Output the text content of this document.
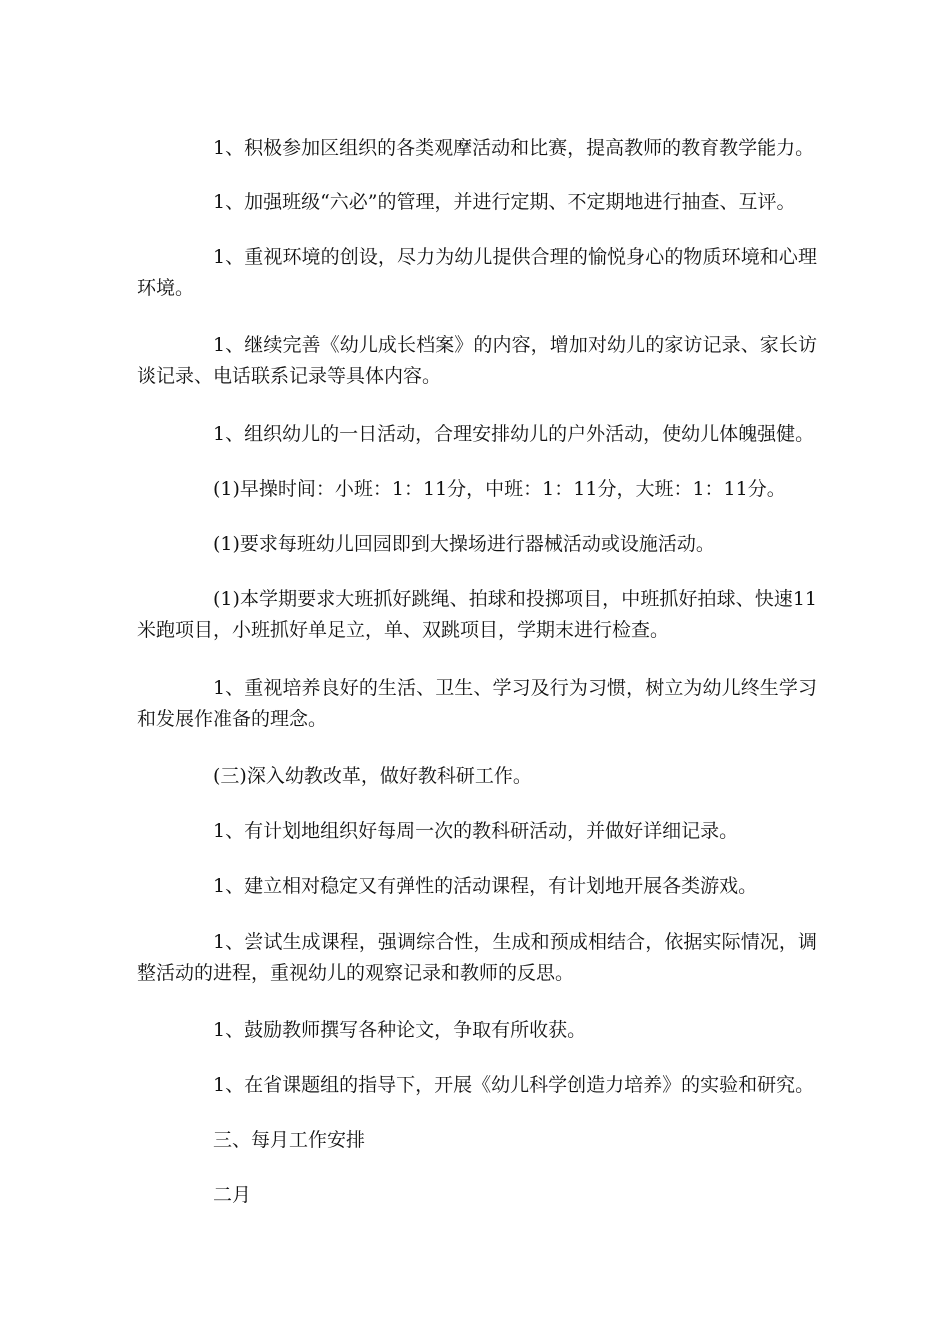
1、积极参加区组织的各类观摩活动和比赛，提高教师的教育教学能力。

1、加强班级“六必”的管理，并进行定期、不定期地进行抽查、互评。

1、重视环境的创设，尽力为幼儿提供合理的愉悦身心的物质环境和心理环境。

1、继续完善《幼儿成长档案》的内容，增加对幼儿的家访记录、家长访谈记录、电话联系记录等具体内容。

1、组织幼儿的一日活动，合理安排幼儿的户外活动，使幼儿体魄强健。

(1)早操时间：小班：1：11分，中班：1：11分，大班：1：11分。

(1)要求每班幼儿回园即到大操场进行器械活动或设施活动。

(1)本学期要求大班抓好跳绳、拍球和投掷项目，中班抓好拍球、快速11米跑项目，小班抓好单足立，单、双跳项目，学期末进行检查。

1、重视培养良好的生活、卫生、学习及行为习惯，树立为幼儿终生学习和发展作准备的理念。

(三)深入幼教改革，做好教科研工作。

1、有计划地组织好每周一次的教科研活动，并做好详细记录。

1、建立相对稳定又有弹性的活动课程，有计划地开展各类游戏。

1、尝试生成课程，强调综合性，生成和预成相结合，依据实际情况，调整活动的进程，重视幼儿的观察记录和教师的反思。

1、鼓励教师撰写各种论文，争取有所收获。

1、在省课题组的指导下，开展《幼儿科学创造力培养》的实验和研究。

三、每月工作安排

二月
